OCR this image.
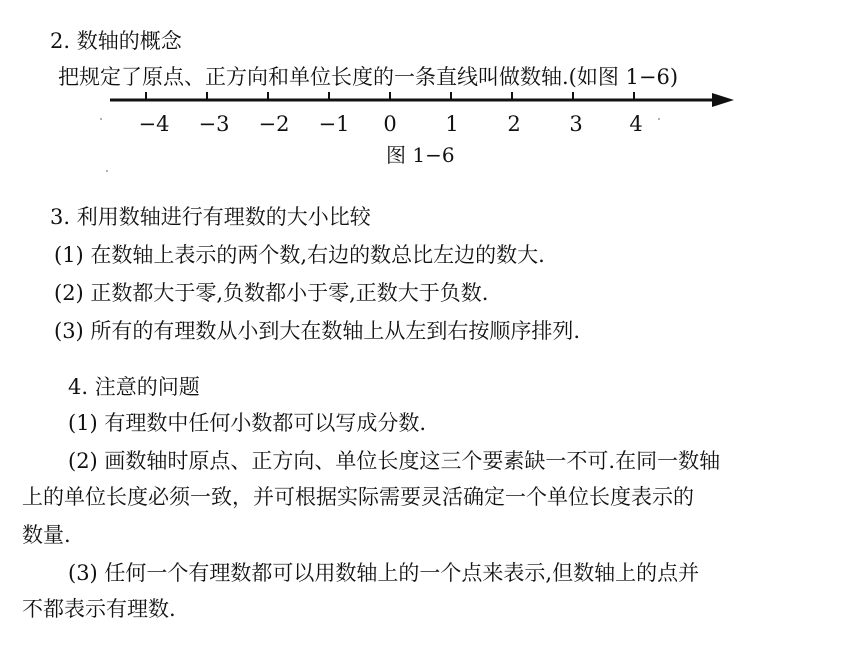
2. 数轴的概念
把规定了原点、正方向和单位长度的一条直线叫做数轴.(如图 1−6)
−4 −3 −2 −1	0	1	2	3	4
图 1−6
3. 利用数轴进行有理数的大小比较
(1) 在数轴上表示的两个数,右边的数总比左边的数大.
(2) 正数都大于零,负数都小于零,正数大于负数.
(3) 所有的有理数从小到大在数轴上从左到右按顺序排列.
4. 注意的问题
(1) 有理数中任何小数都可以写成分数.
(2) 画数轴时原点、正方向、单位长度这三个要素缺一不可.在同一数轴
上的单位长度必须一致，并可根据实际需要灵活确定一个单位长度表示的
数量.
(3) 任何一个有理数都可以用数轴上的一个点来表示,但数轴上的点并
不都表示有理数.
